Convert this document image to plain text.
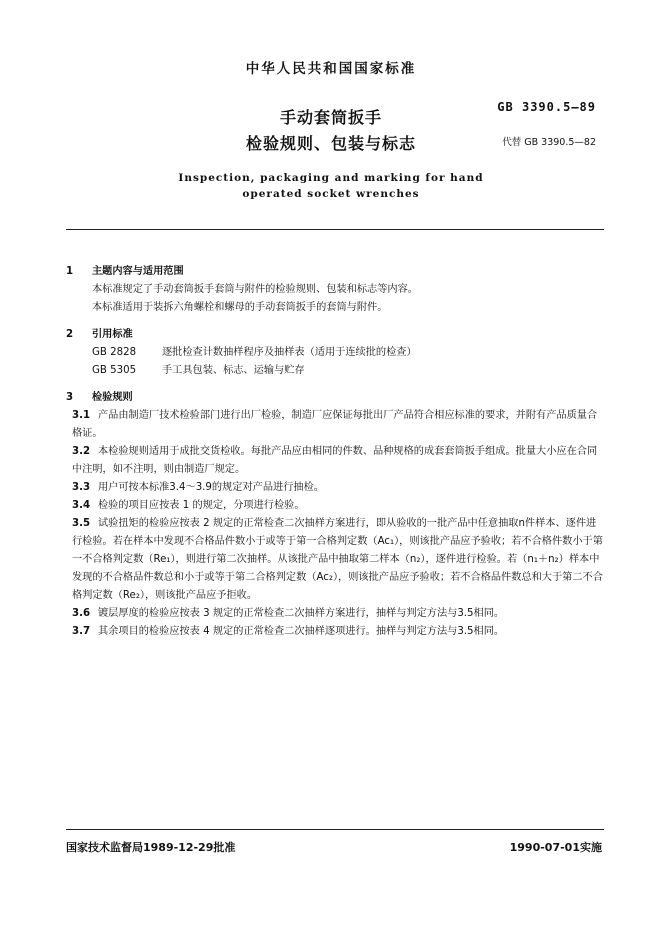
中华人民共和国国家标准
手动套筒扳手
检验规则、包装与标志
GB 3390.5—89
代替 GB 3390.5—82
Inspection, packaging and marking for hand
operated socket wrenches

1 主题内容与适用范围

本标准规定了手动套筒扳手套筒与附件的检验规则、包装和标志等内容。

本标准适用于装拆六角螺栓和螺母的手动套筒扳手的套筒与附件。

2 引用标准

GB 2828	逐批检查计数抽样程序及抽样表（适用于连续批的检查）

GB 5305	手工具包装、标志、运输与贮存

3 检验规则

3.1 产品由制造厂技术检验部门进行出厂检验，制造厂应保证每批出厂产品符合相应标准的要求，并附有产品质量合格证。

3.2 本检验规则适用于成批交货检收。每批产品应由相同的件数、品种规格的成套套筒扳手组成。批量大小应在合同中注明，如不注明，则由制造厂规定。

3.3 用户可按本标准3.4～3.9的规定对产品进行抽检。

3.4 检验的项目应按表 1 的规定，分项进行检验。

3.5 试验扭矩的检验应按表 2 规定的正常检查二次抽样方案进行，即从验收的一批产品中任意抽取n件样本、逐件进行检验。若在样本中发现不合格品件数小于或等于第一合格判定数（Ac₁），则该批产品应予验收；若不合格件数小于第一不合格判定数（Re₁），则进行第二次抽样。从该批产品中抽取第二样本（n₂），逐件进行检验。若（n₁＋n₂）样本中发现的不合格品件数总和小于或等于第二合格判定数（Ac₂），则该批产品应予验收；若不合格品件数总和大于第二不合格判定数（Re₂），则该批产品应予拒收。

3.6 镀层厚度的检验应按表 3 规定的正常检查二次抽样方案进行，抽样与判定方法与3.5相同。

3.7 其余项目的检验应按表 4 规定的正常检查二次抽样逐项进行。抽样与判定方法与3.5相同。

国家技术监督局1989-12-29批准	1990-07-01实施
